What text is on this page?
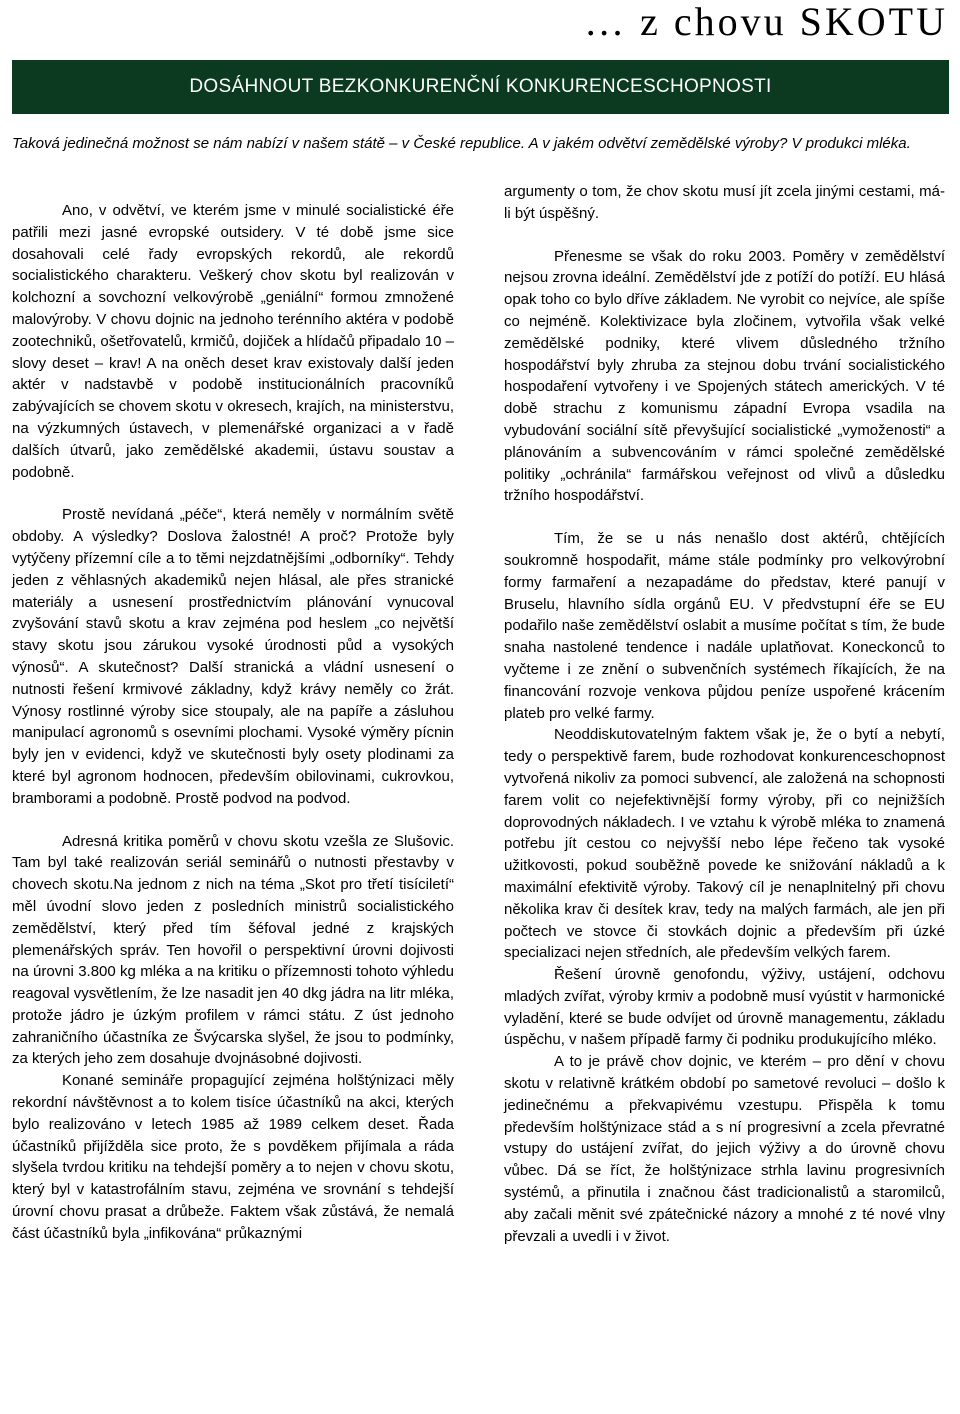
… z chovu SKOTU
DOSÁHNOUT BEZKONKURENČNÍ KONKURENCESCHOPNOSTI
Taková jedinečná možnost se nám nabízí v našem státě – v České republice. A v jakém odvětví zemědělské výroby? V produkci mléka.

Ano, v odvětví, ve kterém jsme v minulé socialistické éře patřili mezi jasné evropské outsidery. V té době jsme sice dosahovali celé řady evropských rekordů, ale rekordů socialistického charakteru. Veškerý chov skotu byl realizován v kolchozní a sovchozní velkovýrobě „geniální“ formou zmnožené malovýroby. V chovu dojnic na jednoho terénního aktéra v podobě zootechniků, ošetřovatelů, krmičů, dojiček a hlídačů připadalo 10 – slovy deset – krav! A na oněch deset krav existovaly další jeden aktér v nadstavbě v podobě institucionálních pracovníků zabývajících se chovem skotu v okresech, krajích, na ministerstvu, na výzkumných ústavech, v plemenářské organizaci a v řadě dalších útvarů, jako zemědělské akademii, ústavu soustav a podobně.

Prostě nevídaná „péče“, která neměly v normálním světě obdoby. A výsledky? Doslova žalostné! A proč? Protože byly vytýčeny přízemní cíle a to těmi nejzdatnějšími „odborníky“. Tehdy jeden z věhlasných akademiků nejen hlásal, ale přes stranické materiály a usnesení prostřednictvím plánování vynucoval zvyšování stavů skotu a krav zejména pod heslem „co největší stavy skotu jsou zárukou vysoké úrodnosti půd a vysokých výnosů“. A skutečnost? Další stranická a vládní usnesení o nutnosti řešení krmivové základny, když krávy neměly co žrát. Výnosy rostlinné výroby sice stoupaly, ale na papíře a zásluhou manipulací agronomů s osevními plochami. Vysoké výměry pícnin byly jen v evidenci, když ve skutečnosti byly osety plodinami za které byl agronom hodnocen, především obilovinami, cukrovkou, bramborami a podobně. Prostě podvod na podvod.

Adresná kritika poměrů v chovu skotu vzešla ze Slušovic. Tam byl také realizován seriál seminářů o nutnosti přestavby v chovech skotu.Na jednom z nich na téma „Skot pro třetí tisíciletí“ měl úvodní slovo jeden z posledních ministrů socialistického zemědělství, který před tím šéfoval jedné z krajských plemenářských správ. Ten hovořil o perspektivní úrovni dojivosti na úrovni 3.800 kg mléka a na kritiku o přízemnosti tohoto výhledu reagoval vysvětlením, že lze nasadit jen 40 dkg jádra na litr mléka, protože jádro je úzkým profilem v rámci státu. Z úst jednoho zahraničního účastníka ze Švýcarska slyšel, že jsou to podmínky, za kterých jeho zem dosahuje dvojnásobné dojivosti.

Konané semináře propagující zejména holštýnizaci měly rekordní návštěvnost a to kolem tisíce účastníků na akci, kterých bylo realizováno v letech 1985 až 1989 celkem deset. Řada účastníků přijížděla sice proto, že s povděkem přijímala a ráda slyšela tvrdou kritiku na tehdejší poměry a to nejen v chovu skotu, který byl v katastrofálním stavu, zejména ve srovnání s tehdejší úrovní chovu prasat a drůbeže. Faktem však zůstává, že nemalá část účastníků byla „infikována“ průkaznými

argumenty o tom, že chov skotu musí jít zcela jinými cestami, má-li být úspěšný.

Přenesme se však do roku 2003. Poměry v zemědělství nejsou zrovna ideální. Zemědělství jde z potíží do potíží. EU hlásá opak toho co bylo dříve základem. Ne vyrobit co nejvíce, ale spíše co nejméně. Kolektivizace byla zločinem, vytvořila však velké zemědělské podniky, které vlivem důsledného tržního hospodářství byly zhruba za stejnou dobu trvání socialistického hospodaření vytvořeny i ve Spojených státech amerických. V té době strachu z komunismu západní Evropa vsadila na vybudování sociální sítě převyšující socialistické „vymoženosti“ a plánováním a subvencováním v rámci společné zemědělské politiky „ochránila“ farmářskou veřejnost od vlivů a důsledku tržního hospodářství.

Tím, že se u nás nenašlo dost aktérů, chtějících soukromně hospodařit, máme stále podmínky pro velkovýrobní formy farmaření a nezapadáme do představ, které panují v Bruselu, hlavního sídla orgánů EU. V předvstupní éře se EU podařilo naše zemědělství oslabit a musíme počítat s tím, že bude snaha nastolené tendence i nadále uplatňovat. Koneckonců to vyčteme i ze znění o subvenčních systémech říkajících, že na financování rozvoje venkova půjdou peníze uspořené krácením plateb pro velké farmy.

Neoddiskutovatelným faktem však je, že o bytí a nebytí, tedy o perspektivě farem, bude rozhodovat konkurenceschopnost vytvořená nikoliv za pomoci subvencí, ale založená na schopnosti farem volit co nejefektivnější formy výroby, při co nejnižších doprovodných nákladech. I ve vztahu k výrobě mléka to znamená potřebu jít cestou co nejvyšší nebo lépe řečeno tak vysoké užitkovosti, pokud souběžně povede ke snižování nákladů a k maximální efektivitě výroby. Takový cíl je nenaplnitelný při chovu několika krav či desítek krav, tedy na malých farmách, ale jen při počtech ve stovce či stovkách dojnic a především při úzké specializaci nejen středních, ale především velkých farem.

Řešení úrovně genofondu, výživy, ustájení, odchovu mladých zvířat, výroby krmiv a podobně musí vyústit v harmonické vyladění, které se bude odvíjet od úrovně managementu, základu úspěchu, v našem případě farmy či podniku produkujícího mléko.

A to je právě chov dojnic, ve kterém – pro dění v chovu skotu v relativně krátkém období po sametové revoluci – došlo k jedinečnému a překvapivému vzestupu. Přispěla k tomu především holštýnizace stád a s ní progresivní a zcela převratné vstupy do ustájení zvířat, do jejich výživy a do úrovně chovu vůbec. Dá se říct, že holštýnizace strhla lavinu progresivních systémů, a přinutila i značnou část tradicionalistů a staromilců, aby začali měnit své zpátečnické názory a mnohé z té nové vlny převzali a uvedli i v život.
